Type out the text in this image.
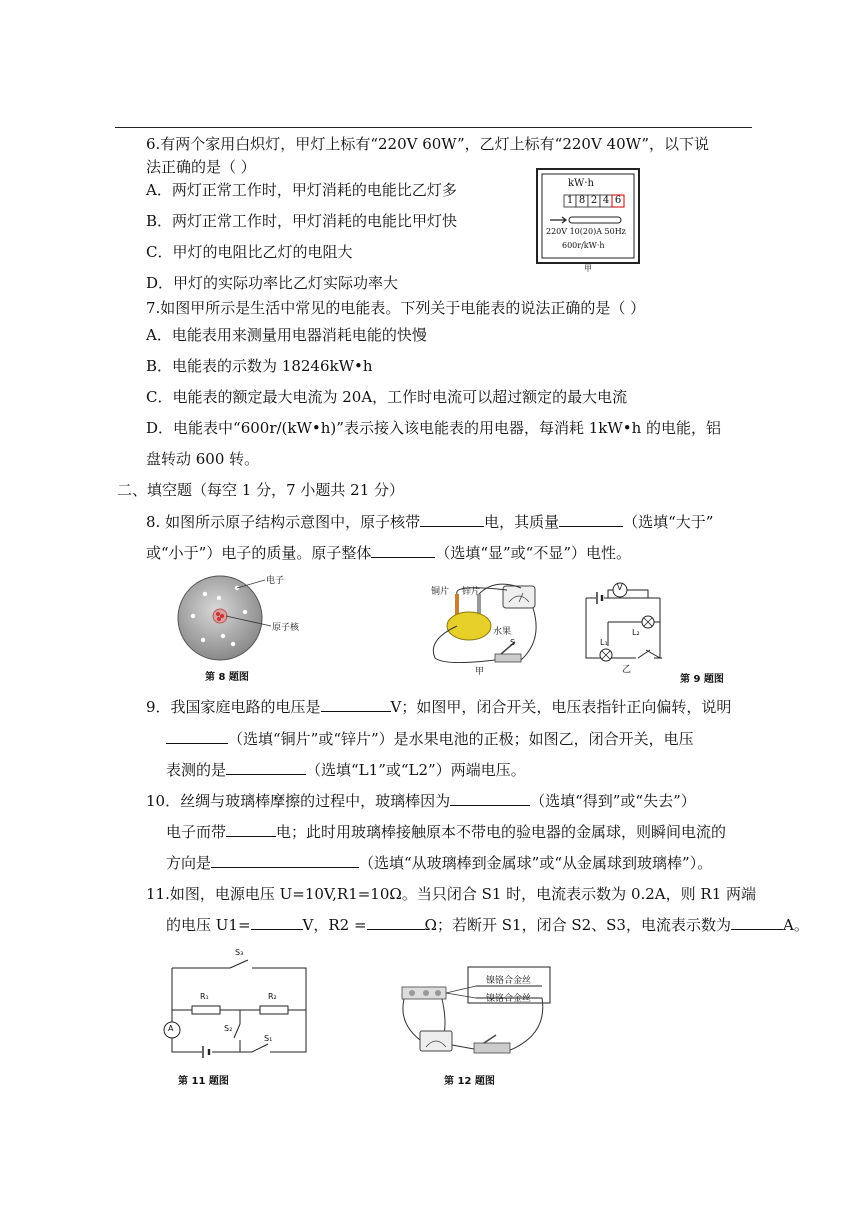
6.有两个家用白炽灯，甲灯上标有“220V 60W”，乙灯上标有“220V 40W”，以下说
法正确的是（ ）
A．两灯正常工作时，甲灯消耗的电能比乙灯多
B．两灯正常工作时，甲灯消耗的电能比甲灯快
C．甲灯的电阻比乙灯的电阻大
D．甲灯的实际功率比乙灯实际功率大
kW·h
1 8 2 4 6
220V 10(20)A 50Hz
600r/kW·h
甲
7.如图甲所示是生活中常见的电能表。下列关于电能表的说法正确的是（ ）
A．电能表用来测量用电器消耗电能的快慢
B．电能表的示数为 18246kW•h
C．电能表的额定最大电流为 20A，工作时电流可以超过额定的最大电流
D．电能表中“600r/(kW•h)”表示接入该电能表的用电器，每消耗 1kW•h 的电能，铝
盘转动 600 转。
二、填空题（每空 1 分，7 小题共 21 分）
8. 如图所示原子结构示意图中，原子核带	电，其质量	（选填“大于”
或“小于”）电子的质量。原子整体	（选填“显”或“不显”）电性。
电子
原子核
第 8 题图
铜片 锌片
水果
S
甲
V
L₂
L₁
乙
第 9 题图
9．我国家庭电路的电压是	V；如图甲，闭合开关，电压表指针正向偏转，说明
（选填“铜片”或“锌片”）是水果电池的正极；如图乙，闭合开关，电压
表测的是	（选填“L1”或“L2”）两端电压。
10．丝绸与玻璃棒摩擦的过程中，玻璃棒因为	（选填“得到”或“失去”）
电子而带	电；此时用玻璃棒接触原本不带电的验电器的金属球，则瞬间电流的
方向是	（选填“从玻璃棒到金属球”或“从金属球到玻璃棒”）。
11.如图，电源电压 U=10V,R1=10Ω。当只闭合 S1 时，电流表示数为 0.2A，则 R1 两端
的电压 U1=	V，R2 =	Ω；若断开 S1，闭合 S2、S3，电流表示数为	A。
S₃
R₁	R₂
S₂
A
S₁
第 11 题图
镍铬合金丝
镍铬合金丝
第 12 题图
